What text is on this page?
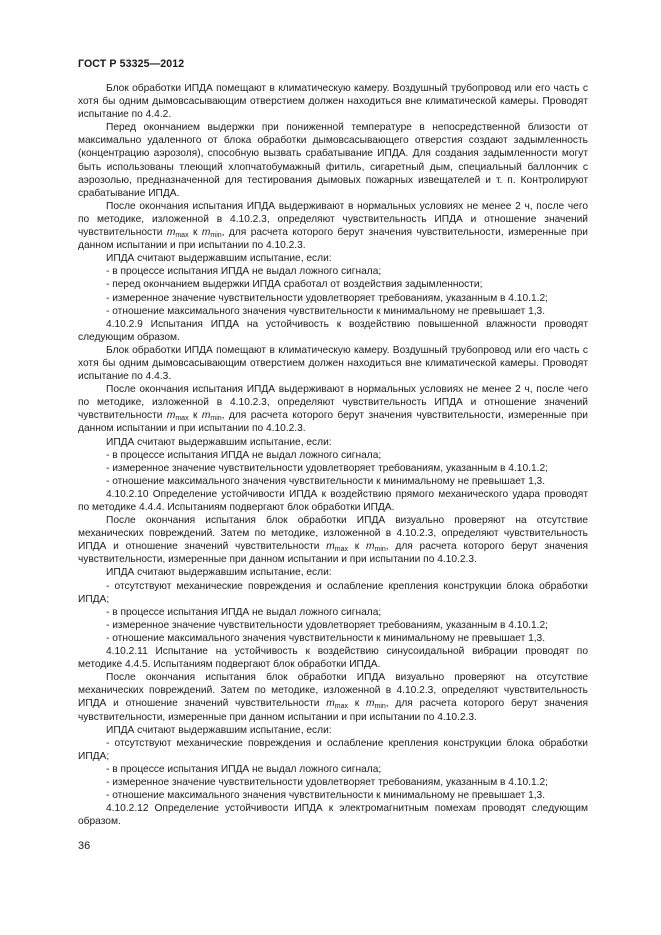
ГОСТ Р 53325—2012

Блок обработки ИПДА помещают в климатическую камеру. Воздушный трубопровод или его часть с хотя бы одним дымовсасывающим отверстием должен находиться вне климатической камеры. Проводят испытание по 4.4.2.

Перед окончанием выдержки при пониженной температуре в непосредственной близости от максимально удаленного от блока обработки дымовсасывающего отверстия создают задымленность (концентрацию аэрозоля), способную вызвать срабатывание ИПДА. Для создания задымленности могут быть использованы тлеющий хлопчатобумажный фитиль, сигаретный дым, специальный баллончик с аэрозолью, предназначенной для тестирования дымовых пожарных извещателей и т. п. Контролируют срабатывание ИПДА.

После окончания испытания ИПДА выдерживают в нормальных условиях не менее 2 ч, после чего по методике, изложенной в 4.10.2.3, определяют чувствительность ИПДА и отношение значений чувствительности $m_{max}$ к $m_{min}$, для расчета которого берут значения чувствительности, измеренные при данном испытании и при испытании по 4.10.2.3.

ИПДА считают выдержавшим испытание, если:

- в процессе испытания ИПДА не выдал ложного сигнала;

- перед окончанием выдержки ИПДА сработал от воздействия задымленности;

- измеренное значение чувствительности удовлетворяет требованиям, указанным в 4.10.1.2;

- отношение максимального значения чувствительности к минимальному не превышает 1,3.

4.10.2.9 Испытания ИПДА на устойчивость к воздействию повышенной влажности проводят следующим образом.

Блок обработки ИПДА помещают в климатическую камеру. Воздушный трубопровод или его часть с хотя бы одним дымовсасывающим отверстием должен находиться вне климатической камеры. Проводят испытание по 4.4.3.

После окончания испытания ИПДА выдерживают в нормальных условиях не менее 2 ч, после чего по методике, изложенной в 4.10.2.3, определяют чувствительность ИПДА и отношение значений чувствительности $m_{max}$ к $m_{min}$, для расчета которого берут значения чувствительности, измеренные при данном испытании и при испытании по 4.10.2.3.

ИПДА считают выдержавшим испытание, если:

- в процессе испытания ИПДА не выдал ложного сигнала;

- измеренное значение чувствительности удовлетворяет требованиям, указанным в 4.10.1.2;

- отношение максимального значения чувствительности к минимальному не превышает 1,3.

4.10.2.10 Определение устойчивости ИПДА к воздействию прямого механического удара проводят по методике 4.4.4. Испытаниям подвергают блок обработки ИПДА.

После окончания испытания блок обработки ИПДА визуально проверяют на отсутствие механических повреждений. Затем по методике, изложенной в 4.10.2.3, определяют чувствительность ИПДА и отношение значений чувствительности $m_{max}$ к $m_{min}$, для расчета которого берут значения чувствительности, измеренные при данном испытании и при испытании по 4.10.2.3.

ИПДА считают выдержавшим испытание, если:

- отсутствуют механические повреждения и ослабление крепления конструкции блока обработки ИПДА;

- в процессе испытания ИПДА не выдал ложного сигнала;

- измеренное значение чувствительности удовлетворяет требованиям, указанным в 4.10.1.2;

- отношение максимального значения чувствительности к минимальному не превышает 1,3.

4.10.2.11 Испытание на устойчивость к воздействию синусоидальной вибрации проводят по методике 4.4.5. Испытаниям подвергают блок обработки ИПДА.

После окончания испытания блок обработки ИПДА визуально проверяют на отсутствие механических повреждений. Затем по методике, изложенной в 4.10.2.3, определяют чувствительность ИПДА и отношение значений чувствительности $m_{max}$ к $m_{min}$, для расчета которого берут значения чувствительности, измеренные при данном испытании и при испытании по 4.10.2.3.

ИПДА считают выдержавшим испытание, если:

- отсутствуют механические повреждения и ослабление крепления конструкции блока обработки ИПДА;

- в процессе испытания ИПДА не выдал ложного сигнала;

- измеренное значение чувствительности удовлетворяет требованиям, указанным в 4.10.1.2;

- отношение максимального значения чувствительности к минимальному не превышает 1,3.

4.10.2.12 Определение устойчивости ИПДА к электромагнитным помехам проводят следующим образом.

36
